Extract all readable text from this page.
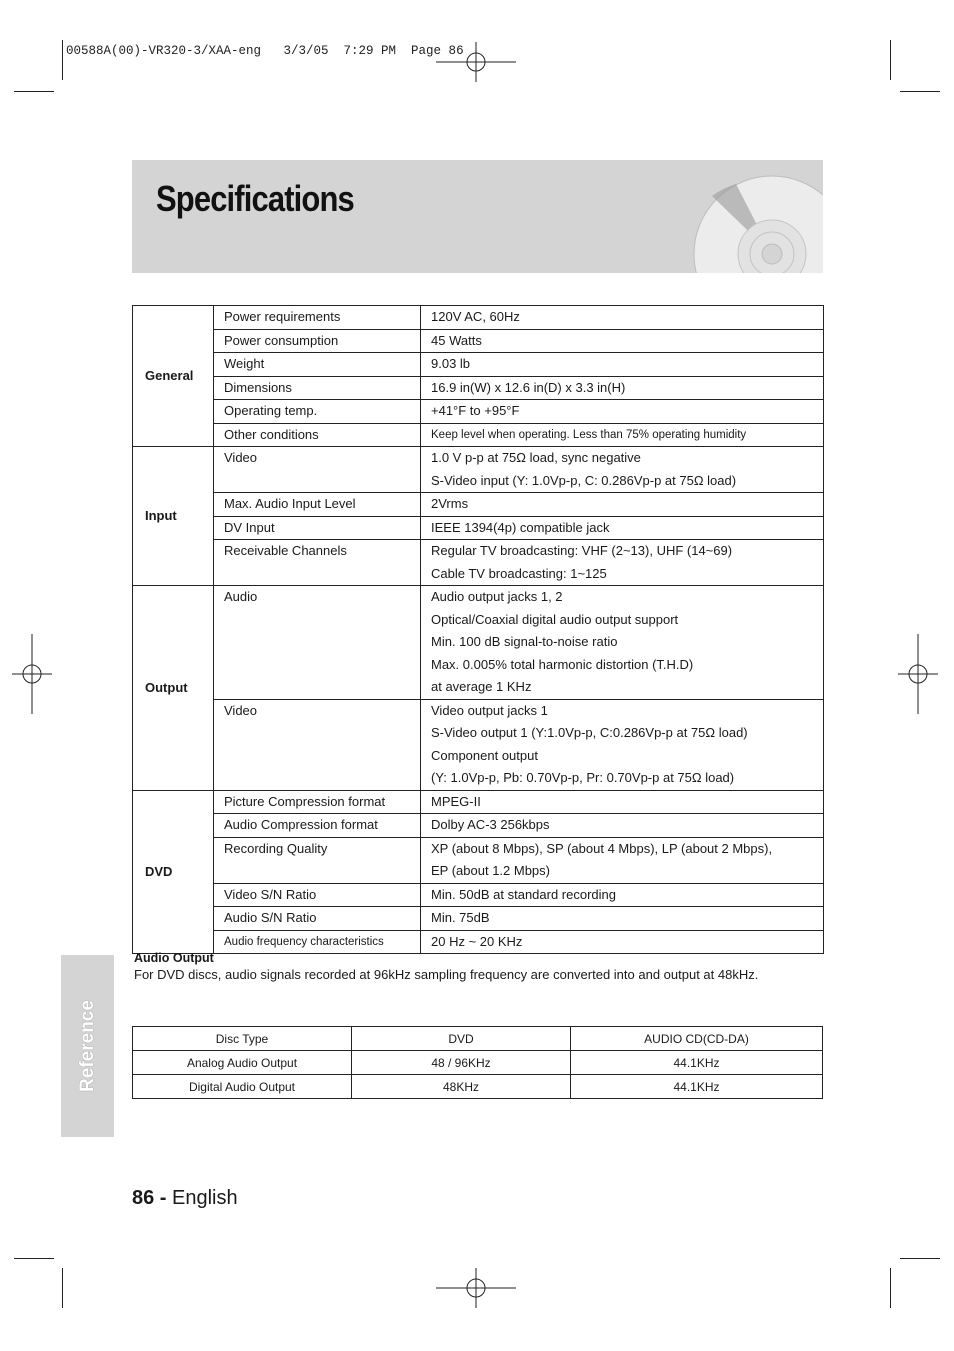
00588A(00)-VR320-3/XAA-eng   3/3/05  7:29 PM  Page 86
Specifications
General	Power requirements	120V AC, 60Hz

	Power consumption	45 Watts

	Weight	9.03 lb

	Dimensions	16.9 in(W) x 12.6 in(D) x 3.3 in(H)

	Operating temp.	+41°F to +95°F

	Other conditions	Keep level when operating. Less than 75% operating humidity

Input	Video	1.0 V p-p at 75Ω load, sync negative
S-Video input (Y: 1.0Vp-p, C: 0.286Vp-p at 75Ω load)

	Max. Audio Input Level	2Vrms

	DV Input	IEEE 1394(4p) compatible jack

	Receivable Channels	Regular TV broadcasting: VHF (2~13), UHF (14~69)
Cable TV broadcasting: 1~125

Output	Audio	Audio output jacks 1, 2
Optical/Coaxial digital audio output support
Min. 100 dB signal-to-noise ratio
Max. 0.005% total harmonic distortion (T.H.D)
at average 1 KHz

	Video	Video output jacks 1
S-Video output 1 (Y:1.0Vp-p, C:0.286Vp-p at 75Ω load)
Component output
(Y: 1.0Vp-p, Pb: 0.70Vp-p, Pr: 0.70Vp-p at 75Ω load)

DVD	Picture Compression format	MPEG-II

	Audio Compression format	Dolby AC-3 256kbps

	Recording Quality	XP (about 8 Mbps), SP (about 4 Mbps), LP (about 2 Mbps),
EP (about 1.2 Mbps)

	Video S/N Ratio	Min. 50dB at standard recording

	Audio S/N Ratio	Min. 75dB

	Audio frequency characteristics	20 Hz ~ 20 KHz
Audio Output
For DVD discs, audio signals recorded at 96kHz sampling frequency are converted into and output at 48kHz.
Disc Type	DVD	AUDIO CD(CD-DA)
Analog Audio Output	48 / 96KHz	44.1KHz
Digital Audio Output	48KHz	44.1KHz
Reference
86 - English
